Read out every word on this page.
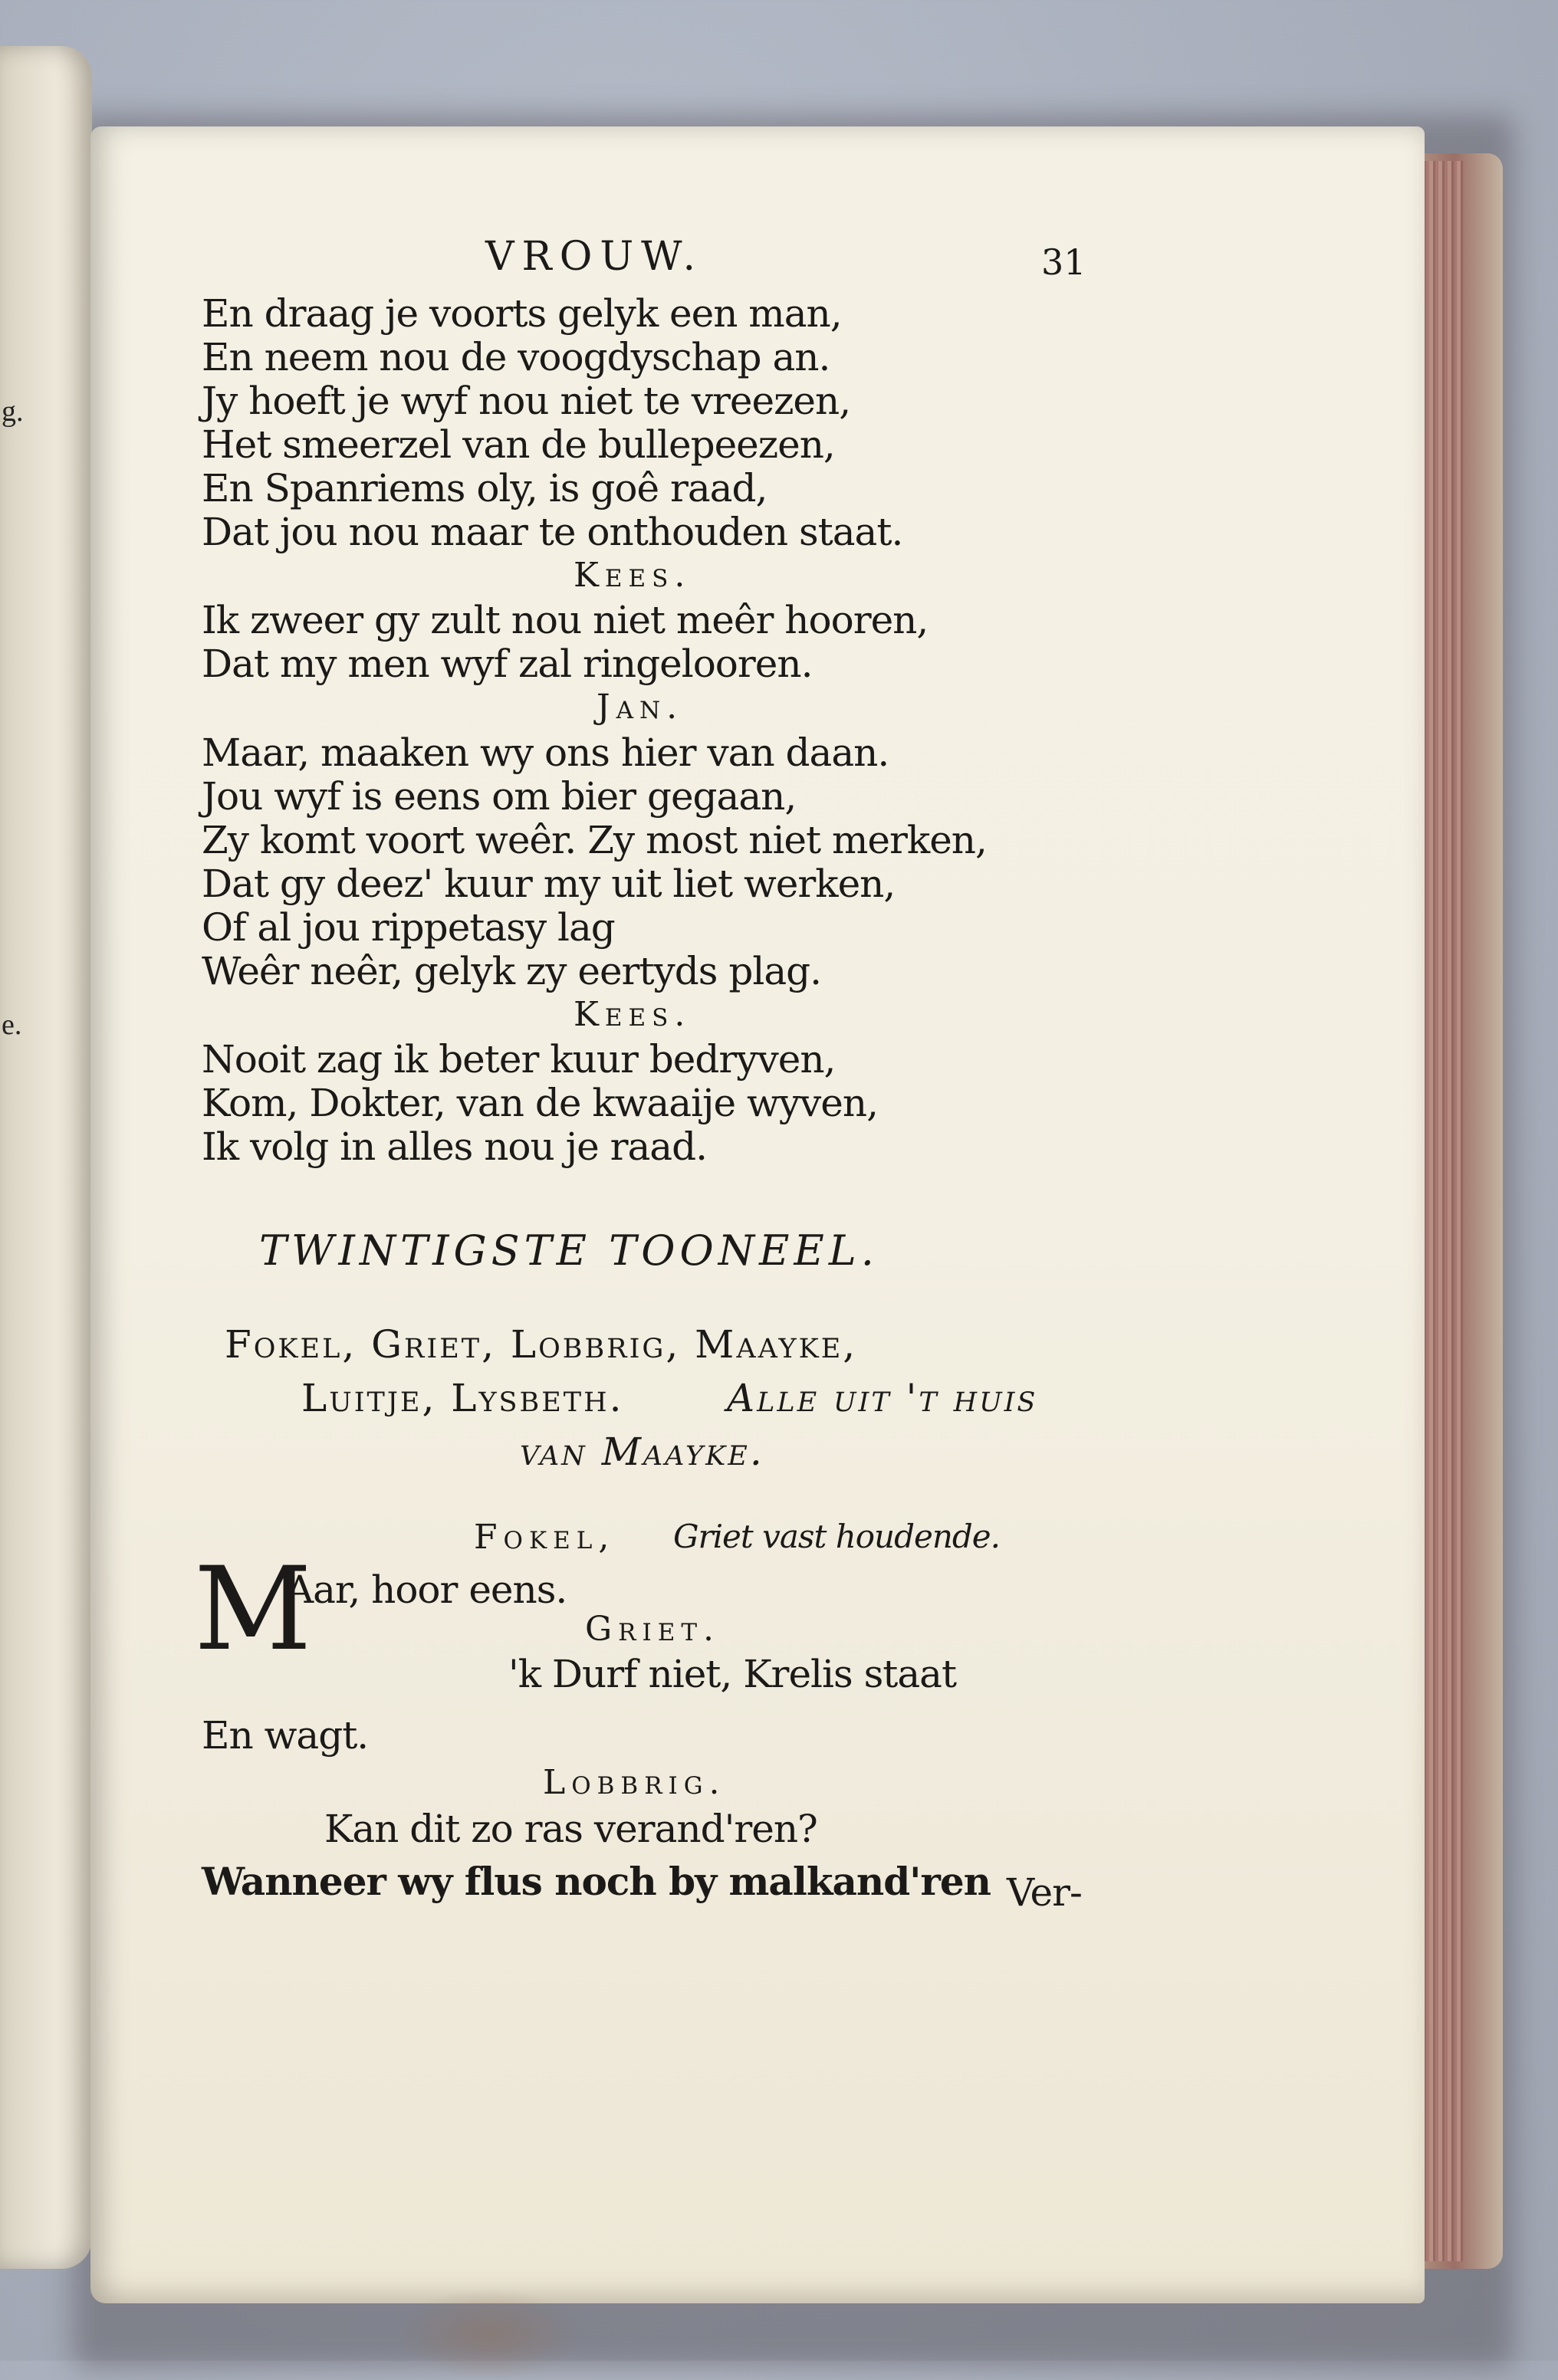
g.
e.
VROUW.	31
En draag je voorts gelyk een man,
En neem nou de voogdyschap an.
Jy hoeft je wyf nou niet te vreezen,
Het smeerzel van de bullepeezen,
En Spanriems oly, is goê raad,
Dat jou nou maar te onthouden staat.
Kees.
Ik zweer gy zult nou niet meêr hooren,
Dat my men wyf zal ringelooren.
Jan.
Maar, maaken wy ons hier van daan.
Jou wyf is eens om bier gegaan,
Zy komt voort weêr. Zy most niet merken,
Dat gy deez' kuur my uit liet werken,
Of al jou rippetasy lag
Weêr neêr, gelyk zy eertyds plag.
Kees.
Nooit zag ik beter kuur bedryven,
Kom, Dokter, van de kwaaije wyven,
Ik volg in alles nou je raad.
TWINTIGSTE TOONEEL.
Fokel, Griet, Lobbrig, Maayke,
Luitje, Lysbeth.	Alle uit 't huis
van Maayke.
Fokel, Griet vast houdende.
M
Aar, hoor eens.
Griet.
'k Durf niet, Krelis staat
En wagt.
Lobbrig.
Kan dit zo ras verand'ren?
Wanneer wy flus noch by malkand'ren Ver-
